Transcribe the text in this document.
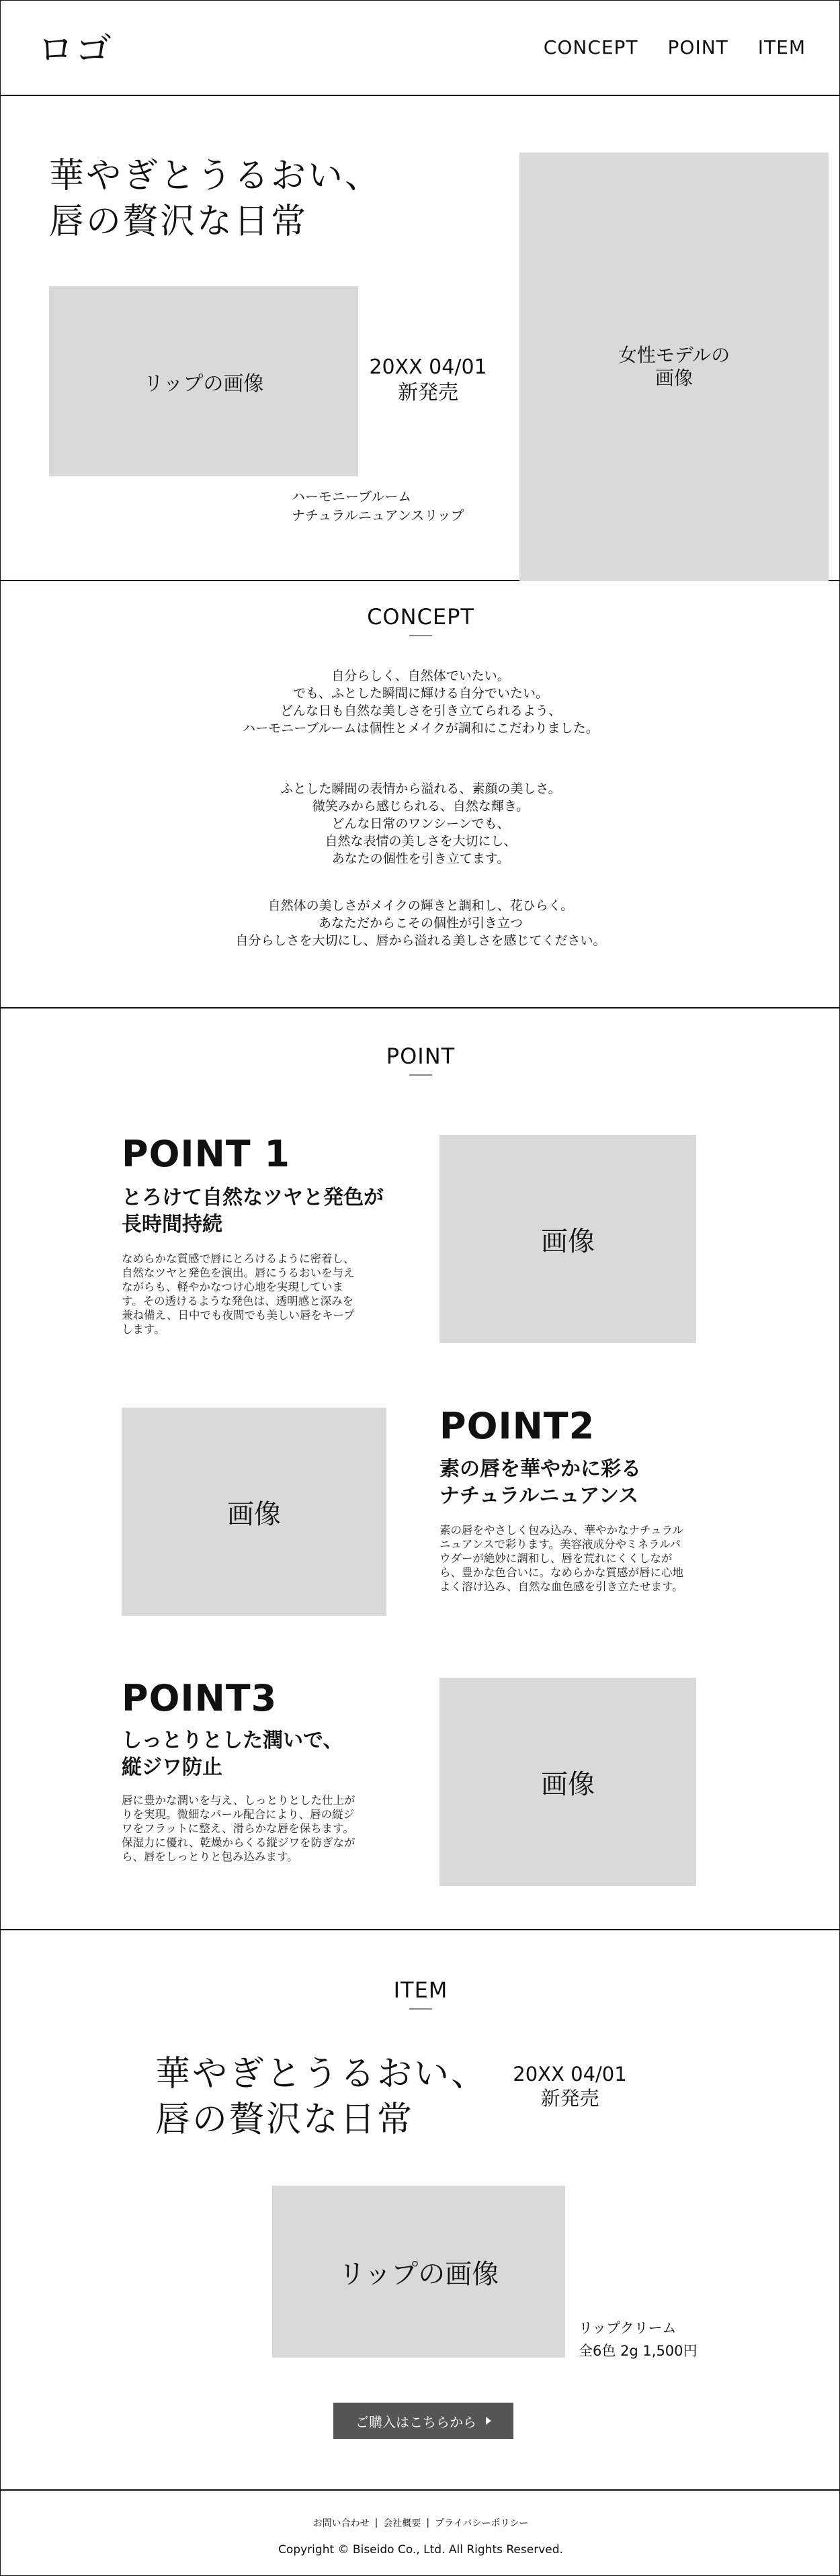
ロゴ	CONCEPT POINT ITEM
華やぎとうるおい、
唇の贅沢な日常
リップの画像
20XX 04/01
新発売
ハーモニーブルーム
ナチュラルニュアンスリップ
女性モデルの
画像
CONCEPT

自分らしく、自然体でいたい。
でも、ふとした瞬間に輝ける自分でいたい。
どんな日も自然な美しさを引き立てられるよう、
ハーモニーブルームは個性とメイクが調和にこだわりました。

ふとした瞬間の表情から溢れる、素顔の美しさ。
微笑みから感じられる、自然な輝き。
どんな日常のワンシーンでも、
自然な表情の美しさを大切にし、
あなたの個性を引き立てます。

自然体の美しさがメイクの輝きと調和し、花ひらく。
あなただからこその個性が引き立つ
自分らしさを大切にし、唇から溢れる美しさを感じてください。

POINT
POINT 1
とろけて自然なツヤと発色が
長時間持続
なめらかな質感で唇にとろけるように密着し、
自然なツヤと発色を演出。唇にうるおいを与え
ながらも、軽やかなつけ心地を実現していま
す。その透けるような発色は、透明感と深みを
兼ね備え、日中でも夜間でも美しい唇をキープ
します。
画像
画像
POINT2
素の唇を華やかに彩る
ナチュラルニュアンス
素の唇をやさしく包み込み、華やかなナチュラル
ニュアンスで彩ります。美容液成分やミネラルパ
ウダーが絶妙に調和し、唇を荒れにくくしなが
ら、豊かな色合いに。なめらかな質感が唇に心地
よく溶け込み、自然な血色感を引き立たせます。
POINT3
しっとりとした潤いで、
縦ジワ防止
唇に豊かな潤いを与え、しっとりとした仕上が
りを実現。微細なパール配合により、唇の縦ジ
ワをフラットに整え、滑らかな唇を保ちます。
保湿力に優れ、乾燥からくる縦ジワを防ぎなが
ら、唇をしっとりと包み込みます。
画像
ITEM
華やぎとうるおい、
唇の贅沢な日常
20XX 04/01
新発売
リップの画像
リップクリーム
全6色 2g 1,500円
ご購入はこちらから
お問い合わせ | 会社概要 | プライバシーポリシー
Copyright © Biseido Co., Ltd. All Rights Reserved.
